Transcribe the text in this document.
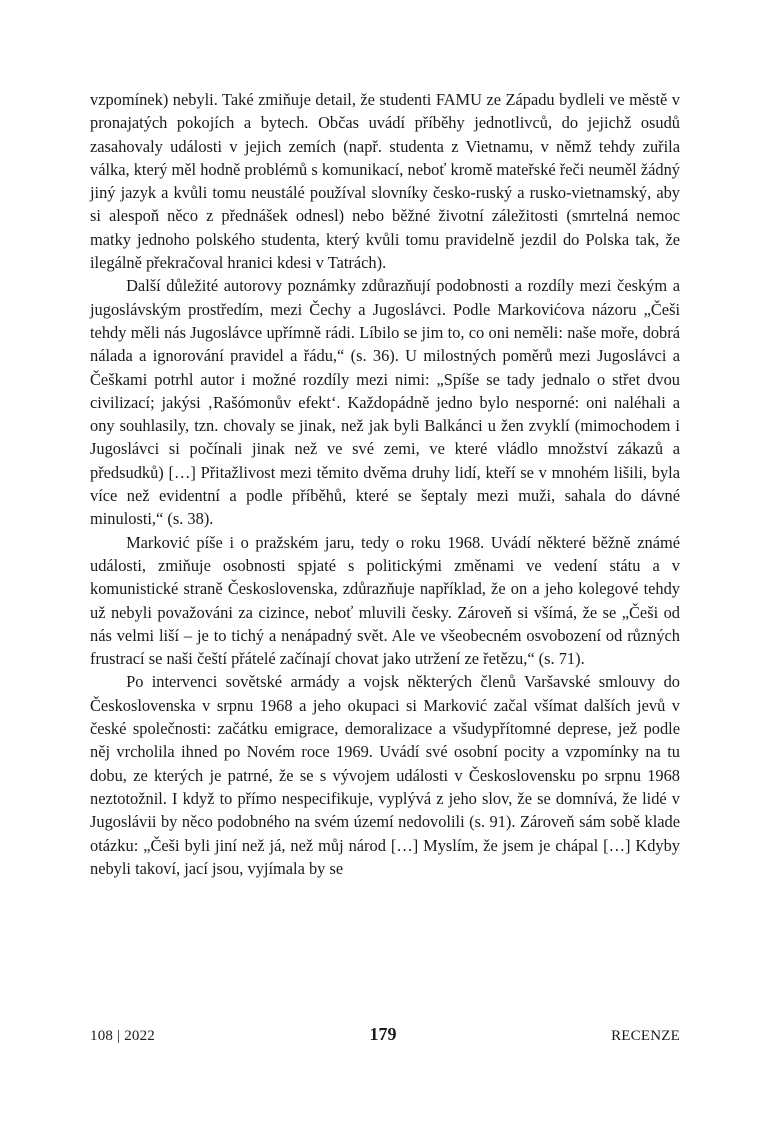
vzpomínek) nebyli. Také zmiňuje detail, že studenti FAMU ze Západu bydleli ve městě v pronajatých pokojích a bytech. Občas uvádí příběhy jednotlivců, do jejichž osudů zasahovaly události v jejich zemích (např. studenta z Vietnamu, v němž tehdy zuřila válka, který měl hodně problémů s komunikací, neboť kromě mateřské řeči neuměl žádný jiný jazyk a kvůli tomu neustálé používal slovníky česko-ruský a rusko-vietnamský, aby si alespoň něco z přednášek odnesl) nebo běžné životní záležitosti (smrtelná nemoc matky jednoho polského studenta, který kvůli tomu pravidelně jezdil do Polska tak, že ilegálně překračoval hranici kdesi v Tatrách).

Další důležité autorovy poznámky zdůrazňují podobnosti a rozdíly mezi českým a jugoslávským prostředím, mezi Čechy a Jugoslávci. Podle Markovićova názoru „Češi tehdy měli nás Jugoslávce upřímně rádi. Líbilo se jim to, co oni neměli: naše moře, dobrá nálada a ignorování pravidel a řádu,“ (s. 36). U milostných poměrů mezi Jugoslávci a Češkami potrhl autor i možné rozdíly mezi nimi: „Spíše se tady jednalo o střet dvou civilizací; jakýsi ‚Rašómonův efekt‘. Každopádně jedno bylo nesporné: oni naléhali a ony souhlasily, tzn. chovaly se jinak, než jak byli Balkánci u žen zvyklí (mimochodem i Jugoslávci si počínali jinak než ve své zemi, ve které vládlo množství zákazů a předsudků) […] Přitažlivost mezi těmito dvěma druhy lidí, kteří se v mnohém lišili, byla více než evidentní a podle příběhů, které se šeptaly mezi muži, sahala do dávné minulosti,“ (s. 38).

Marković píše i o pražském jaru, tedy o roku 1968. Uvádí některé běžně známé události, zmiňuje osobnosti spjaté s politickými změnami ve vedení státu a v komunistické straně Československa, zdůrazňuje například, že on a jeho kolegové tehdy už nebyli považováni za cizince, neboť mluvili česky. Zároveň si všímá, že se „Češi od nás velmi liší – je to tichý a nenápadný svět. Ale ve všeobecném osvobození od různých frustrací se naši čeští přátelé začínají chovat jako utržení ze řetězu,“ (s. 71).

Po intervenci sovětské armády a vojsk některých členů Varšavské smlouvy do Československa v srpnu 1968 a jeho okupaci si Marković začal všímat dalších jevů v české společnosti: začátku emigrace, demoralizace a všudypřítomné deprese, jež podle něj vrcholila ihned po Novém roce 1969. Uvádí své osobní pocity a vzpomínky na tu dobu, ze kterých je patrné, že se s vývojem události v Československu po srpnu 1968 neztotožnil. I když to přímo nespecifikuje, vyplývá z jeho slov, že se domnívá, že lidé v Jugoslávii by něco podobného na svém území nedovolili (s. 91). Zároveň sám sobě klade otázku: „Češi byli jiní než já, než můj národ […] Myslím, že jsem je chápal […] Kdyby nebyli takoví, jací jsou, vyjímala by se

108 | 2022	179	RECENZE
